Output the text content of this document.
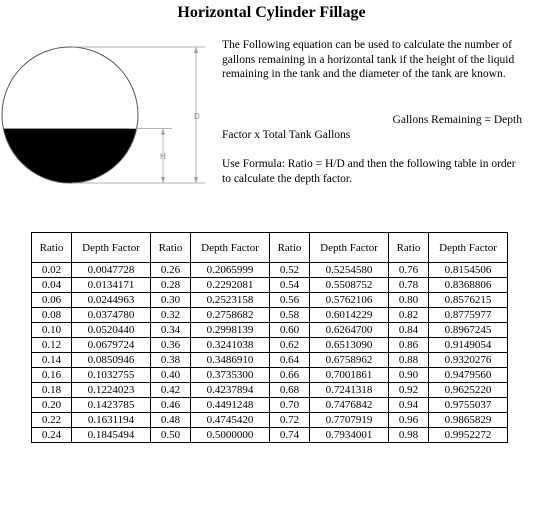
Horizontal Cylinder Fillage
D
H
The Following equation can be used to calculate the number of gallons remaining in a horizontal tank if the height of the liquid remaining in the tank and the diameter of the tank are known.
Gallons Remaining = Depth
Factor x Total Tank Gallons
Use Formula: Ratio = H/D and then the following table in order to calculate the depth factor.
Ratio	Depth Factor	Ratio	Depth Factor	Ratio	Depth Factor	Ratio	Depth Factor
0.02	0.0047728	0.26	0.2065999	0.52	0.5254580	0.76	0.8154506
0.04	0.0134171	0.28	0.2292081	0.54	0.5508752	0.78	0.8368806
0.06	0.0244963	0.30	0.2523158	0.56	0.5762106	0.80	0.8576215
0.08	0.0374780	0.32	0.2758682	0.58	0.6014229	0.82	0.8775977
0.10	0.0520440	0.34	0.2998139	0.60	0.6264700	0.84	0.8967245
0.12	0.0679724	0.36	0.3241038	0.62	0.6513090	0.86	0.9149054
0.14	0.0850946	0.38	0.3486910	0.64	0.6758962	0.88	0.9320276
0.16	0.1032755	0.40	0.3735300	0.66	0.7001861	0.90	0.9479560
0.18	0.1224023	0.42	0.4237894	0.68	0.7241318	0.92	0.9625220
0.20	0.1423785	0.46	0.4491248	0.70	0.7476842	0.94	0.9755037
0.22	0.1631194	0.48	0.4745420	0.72	0.7707919	0.96	0.9865829
0.24	0.1845494	0.50	0.5000000	0.74	0.7934001	0.98	0.9952272
